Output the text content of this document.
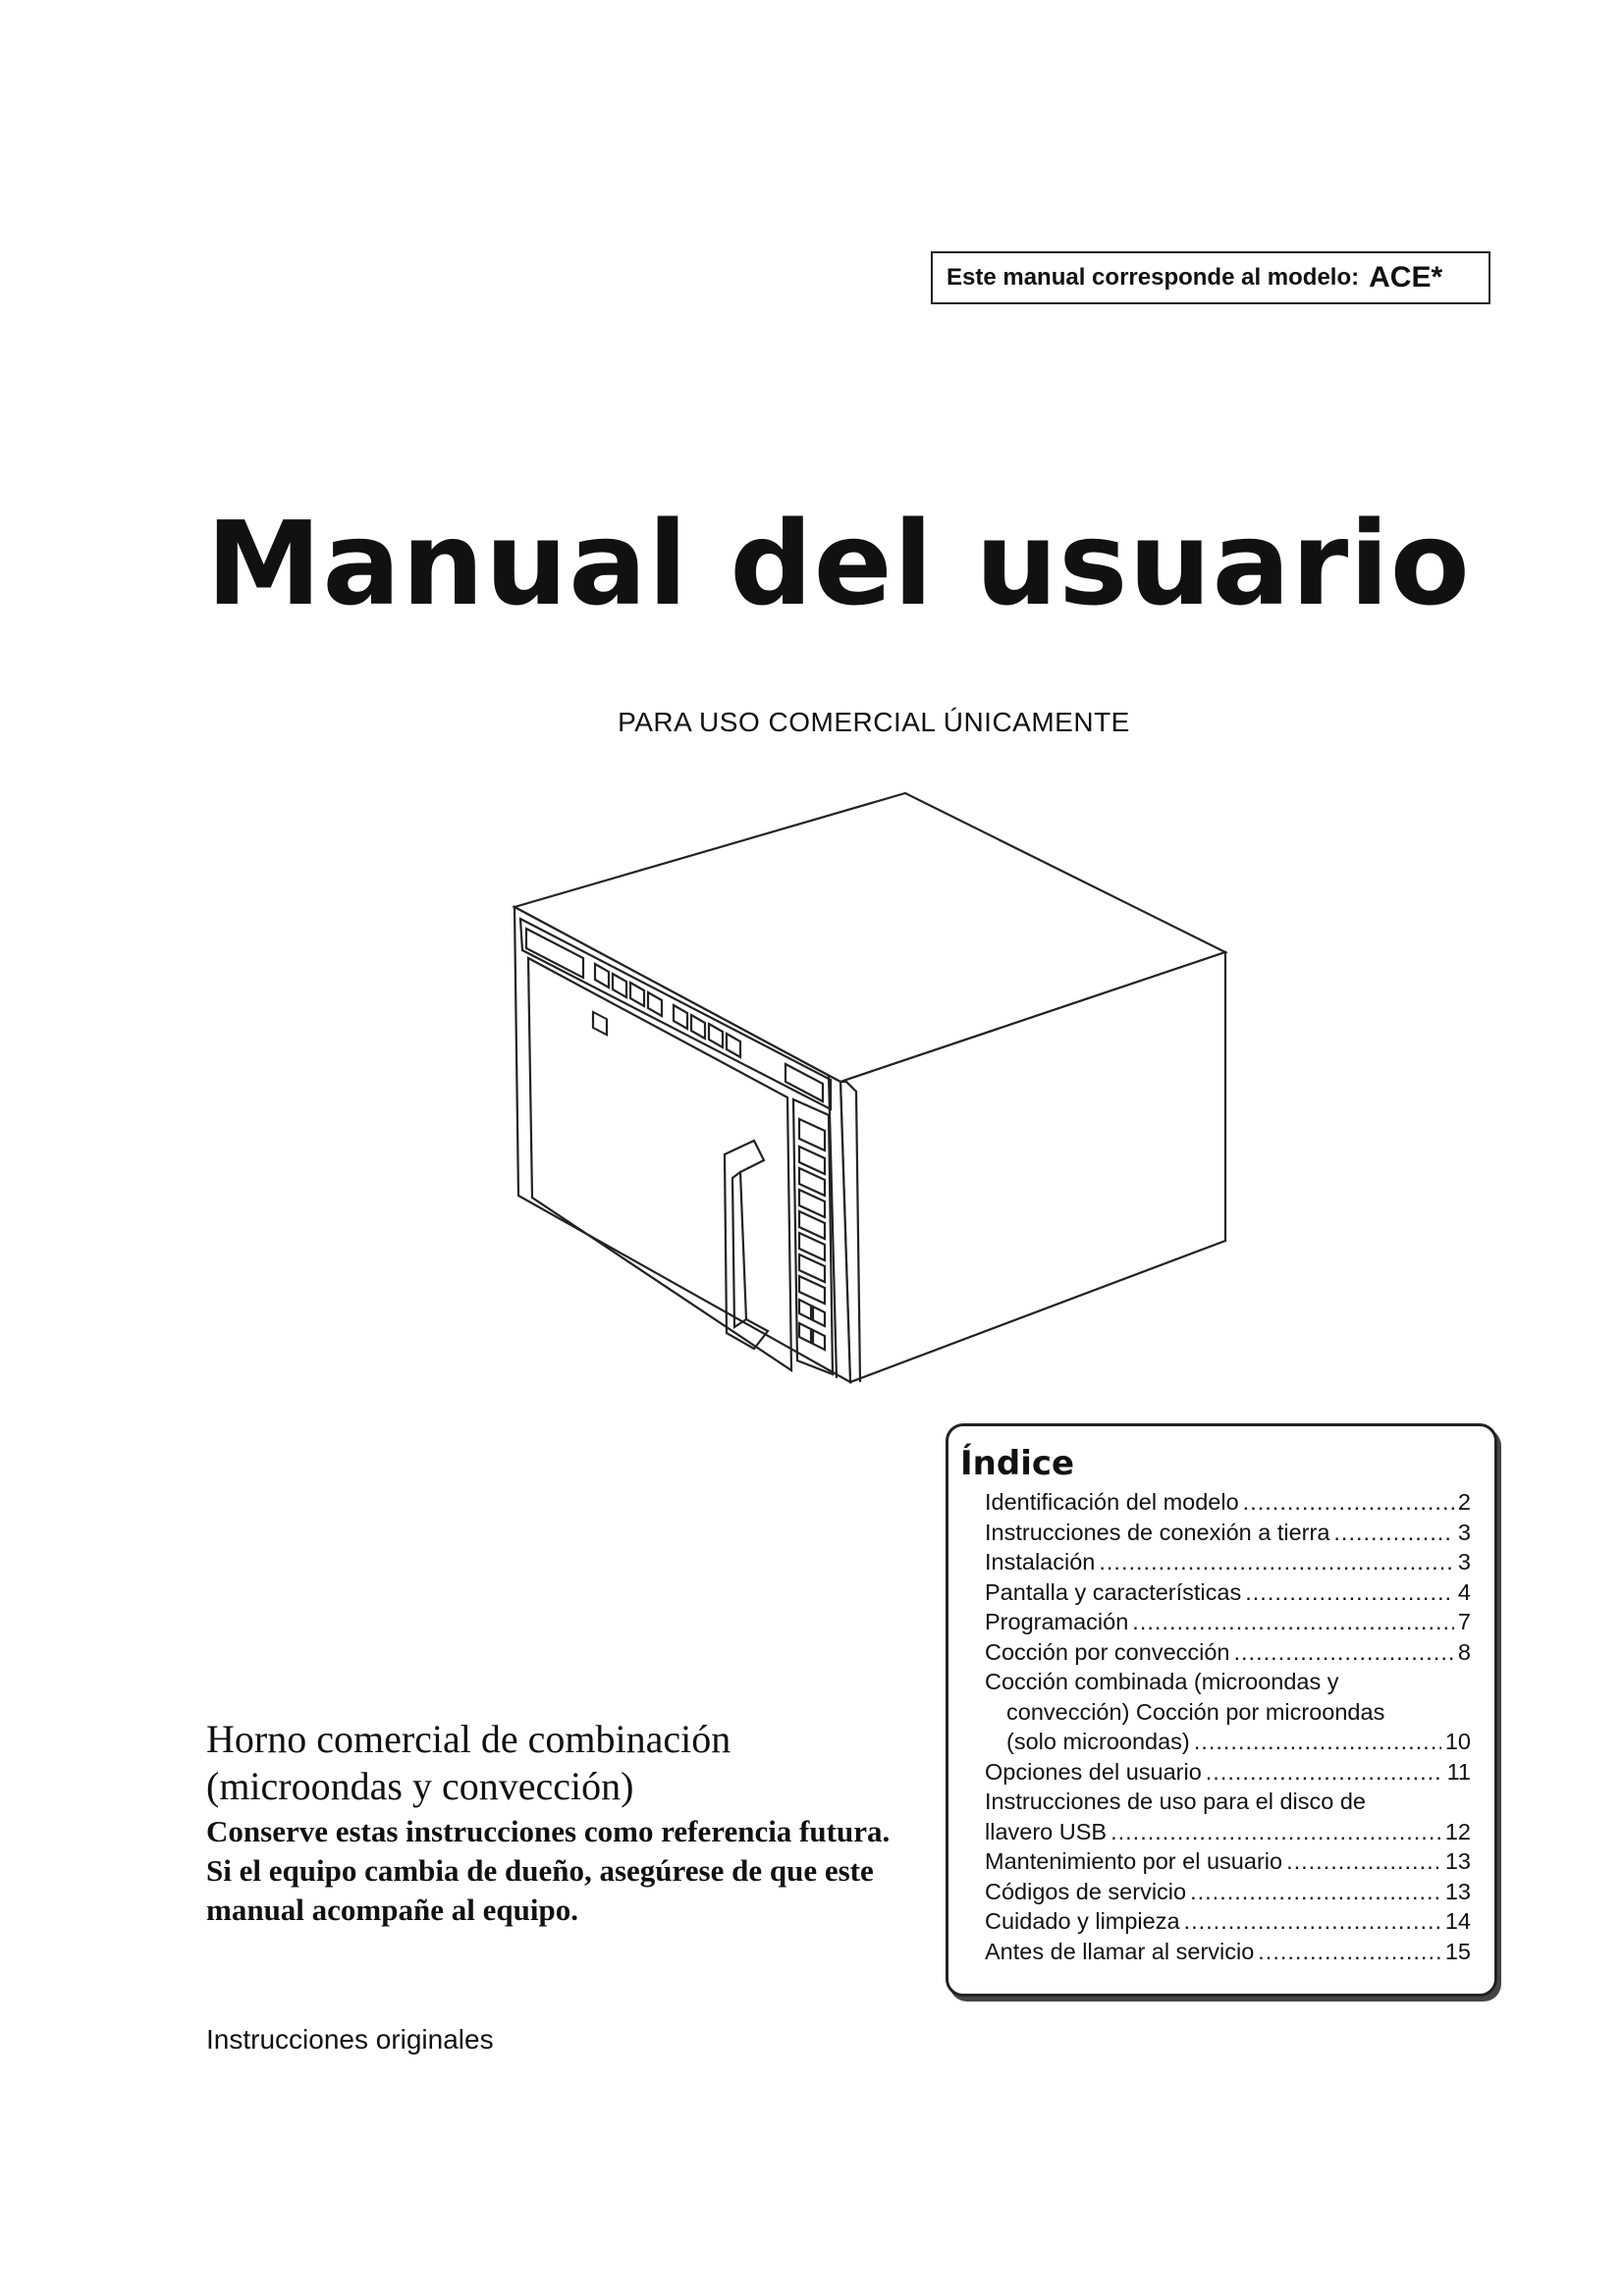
Este manual corresponde al modelo: ACE*
Manual del usuario
PARA USO COMERCIAL ÚNICAMENTE
Índice
Identificación del modelo .....	2
Instrucciones de conexión a tierra .....	3
Instalación .....	3
Pantalla y características .....	4
Programación .....	7
Cocción por convección .....	8
Cocción combinada (microondas y
convección) Cocción por microondas
(solo microondas) .....	10
Opciones del usuario .....	11
Instrucciones de uso para el disco de
llavero USB .....	12
Mantenimiento por el usuario .....	13
Códigos de servicio .....	13
Cuidado y limpieza .....	14
Antes de llamar al servicio .....	15
Horno comercial de combinación
(microondas y convección)

Conserve estas instrucciones como referencia futura. Si el equipo cambia de dueño, asegúrese de que este manual acompañe al equipo.

Instrucciones originales
